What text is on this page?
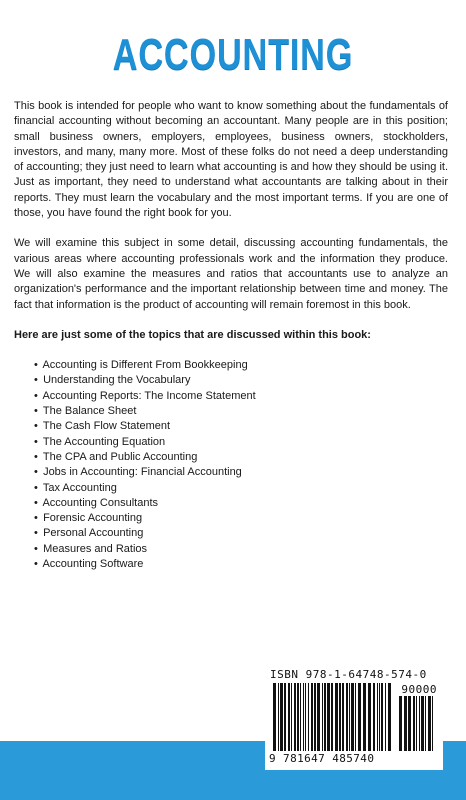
ACCOUNTING

This book is intended for people who want to know something about the fundamentals of financial accounting without becoming an accountant. Many people are in this position; small business owners, employers, employees, business owners, stockholders, investors, and many, many more. Most of these folks do not need a deep understanding of accounting; they just need to learn what accounting is and how they should be using it. Just as important, they need to understand what accountants are talking about in their reports. They must learn the vocabulary and the most important terms. If you are one of those, you have found the right book for you.

We will examine this subject in some detail, discussing accounting fundamentals, the various areas where accounting professionals work and the information they produce. We will also examine the measures and ratios that accountants use to analyze an organization's performance and the important relationship between time and money. The fact that information is the product of accounting will remain foremost in this book.

Here are just some of the topics that are discussed within this book:

• Accounting is Different From Bookkeeping
• Understanding the Vocabulary
• Accounting Reports: The Income Statement
• The Balance Sheet
• The Cash Flow Statement
• The Accounting Equation
• The CPA and Public Accounting
• Jobs in Accounting: Financial Accounting
• Tax Accounting
• Accounting Consultants
• Forensic Accounting
• Personal Accounting
• Measures and Ratios
• Accounting Software
ISBN 978-1-64748-574-0
90000
9 781647 485740
